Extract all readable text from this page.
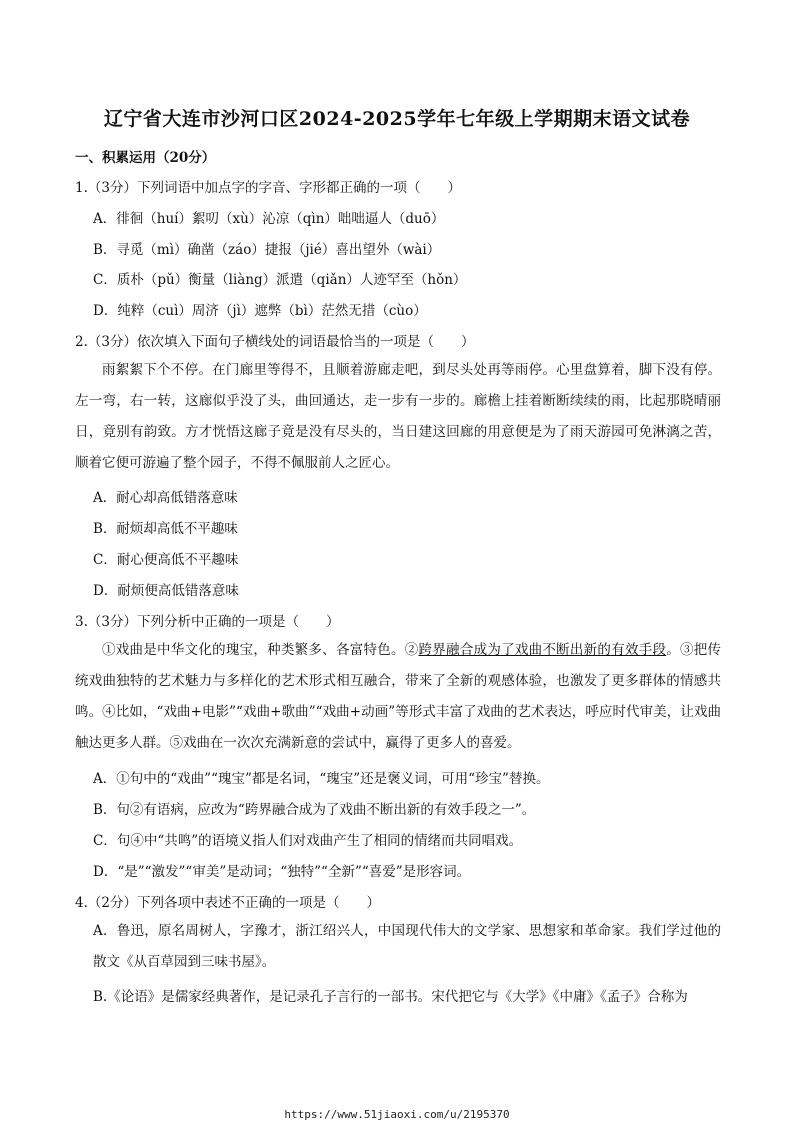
辽宁省大连市沙河口区2024-2025学年七年级上学期期末语文试卷
一、积累运用（20分）
1.（3分）下列词语中加点字的字音、字形都正确的一项（　　）
A．徘徊（huí）絮叨（xù）沁凉（qìn）咄咄逼人（duō）
B．寻觅（mì）确凿（záo）捷报（jié）喜出望外（wài）
C．质朴（pǔ）衡量（liàng）派遣（qiǎn）人迹罕至（hǒn）
D．纯粹（cuì）周济（jì）遮弊（bì）茫然无措（cùo）
2.（3分）依次填入下面句子横线处的词语最恰当的一项是（　　）
雨絮絮下个不停。在门廊里等得不，且顺着游廊走吧，到尽头处再等雨停。心里盘算着，脚下没有停。左一弯，右一转，这廊似乎没了头，曲回通达，走一步有一步的。廊檐上挂着断断续续的雨，比起那晓晴丽日，竟别有韵致。方才恍悟这廊子竟是没有尽头的，当日建这回廊的用意便是为了雨天游园可免淋漓之苦，顺着它便可游遍了整个园子，不得不佩服前人之匠心。
A．耐心却高低错落意味
B．耐烦却高低不平趣味
C．耐心便高低不平趣味
D．耐烦便高低错落意味
3.（3分）下列分析中正确的一项是（　　）
①戏曲是中华文化的瑰宝，种类繁多、各富特色。②跨界融合成为了戏曲不断出新的有效手段。③把传统戏曲独特的艺术魅力与多样化的艺术形式相互融合，带来了全新的观感体验，也激发了更多群体的情感共鸣。④比如，“戏曲+电影”“戏曲+歌曲”“戏曲+动画”等形式丰富了戏曲的艺术表达，呼应时代审美，让戏曲触达更多人群。⑤戏曲在一次次充满新意的尝试中，赢得了更多人的喜爱。
A．①句中的“戏曲”“瑰宝”都是名词，“瑰宝”还是褒义词，可用“珍宝”替换。
B．句②有语病，应改为“跨界融合成为了戏曲不断出新的有效手段之一”。
C．句④中“共鸣”的语境义指人们对戏曲产生了相同的情绪而共同唱戏。
D．“是”“激发”“审美”是动词；“独特”“全新”“喜爱”是形容词。
4.（2分）下列各项中表述不正确的一项是（　　）
A．鲁迅，原名周树人，字豫才，浙江绍兴人，中国现代伟大的文学家、思想家和革命家。我们学过他的散文《从百草园到三味书屋》。
B.《论语》是儒家经典著作，是记录孔子言行的一部书。宋代把它与《大学》《中庸》《孟子》合称为
https://www.51jiaoxi.com/u/2195370
